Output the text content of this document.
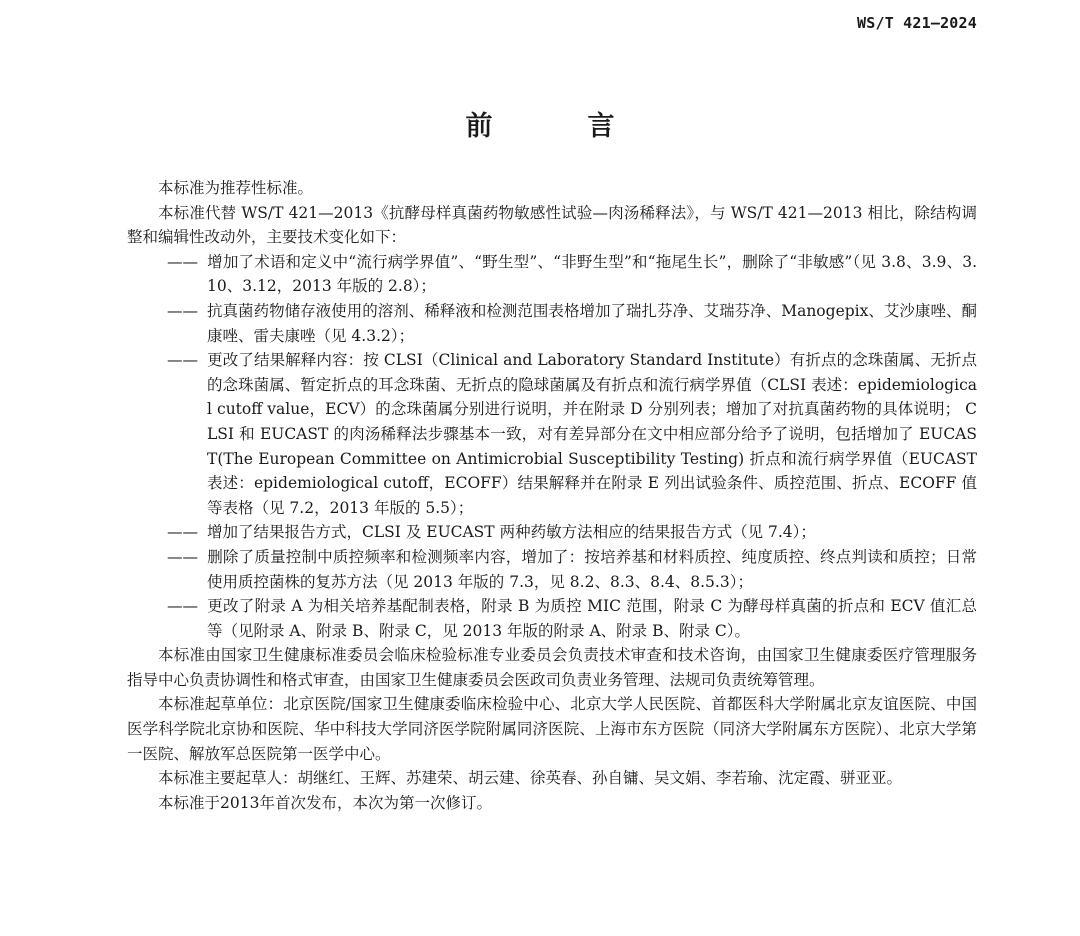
WS/T 421—2024
前　言

本标准为推荐性标准。

本标准代替 WS/T 421—2013《抗酵母样真菌药物敏感性试验—肉汤稀释法》，与 WS/T 421—2013 相比，除结构调整和编辑性改动外，主要技术变化如下：

—— 增加了术语和定义中“流行病学界值”、“野生型”、“非野生型”和“拖尾生长”，删除了“非敏感”（见 3.8、3.9、3.10、3.12，2013 年版的 2.8）；

—— 抗真菌药物储存液使用的溶剂、稀释液和检测范围表格增加了瑞扎芬净、艾瑞芬净、Manogepix、艾沙康唑、酮康唑、雷夫康唑（见 4.3.2）；

—— 更改了结果解释内容：按 CLSI（Clinical and Laboratory Standard Institute）有折点的念珠菌属、无折点的念珠菌属、暂定折点的耳念珠菌、无折点的隐球菌属及有折点和流行病学界值（CLSI 表述：epidemiological cutoff value，ECV）的念珠菌属分别进行说明，并在附录 D 分别列表；增加了对抗真菌药物的具体说明； CLSI 和 EUCAST 的肉汤稀释法步骤基本一致，对有差异部分在文中相应部分给予了说明，包括增加了 EUCAST(The European Committee on Antimicrobial Susceptibility Testing) 折点和流行病学界值（EUCAST 表述：epidemiological cutoff，ECOFF）结果解释并在附录 E 列出试验条件、质控范围、折点、ECOFF 值等表格（见 7.2，2013 年版的 5.5）；

—— 增加了结果报告方式，CLSI 及 EUCAST 两种药敏方法相应的结果报告方式（见 7.4）；

—— 删除了质量控制中质控频率和检测频率内容，增加了：按培养基和材料质控、纯度质控、终点判读和质控；日常使用质控菌株的复苏方法（见 2013 年版的 7.3，见 8.2、8.3、8.4、8.5.3）；

—— 更改了附录 A 为相关培养基配制表格，附录 B 为质控 MIC 范围，附录 C 为酵母样真菌的折点和 ECV 值汇总等（见附录 A、附录 B、附录 C，见 2013 年版的附录 A、附录 B、附录 C）。

本标准由国家卫生健康标准委员会临床检验标准专业委员会负责技术审查和技术咨询，由国家卫生健康委医疗管理服务指导中心负责协调性和格式审查，由国家卫生健康委员会医政司负责业务管理、法规司负责统筹管理。

本标准起草单位：北京医院/国家卫生健康委临床检验中心、北京大学人民医院、首都医科大学附属北京友谊医院、中国医学科学院北京协和医院、华中科技大学同济医学院附属同济医院、上海市东方医院（同济大学附属东方医院）、北京大学第一医院、解放军总医院第一医学中心。

本标准主要起草人：胡继红、王辉、苏建荣、胡云建、徐英春、孙自镛、吴文娟、李若瑜、沈定霞、骈亚亚。

本标准于2013年首次发布，本次为第一次修订。
